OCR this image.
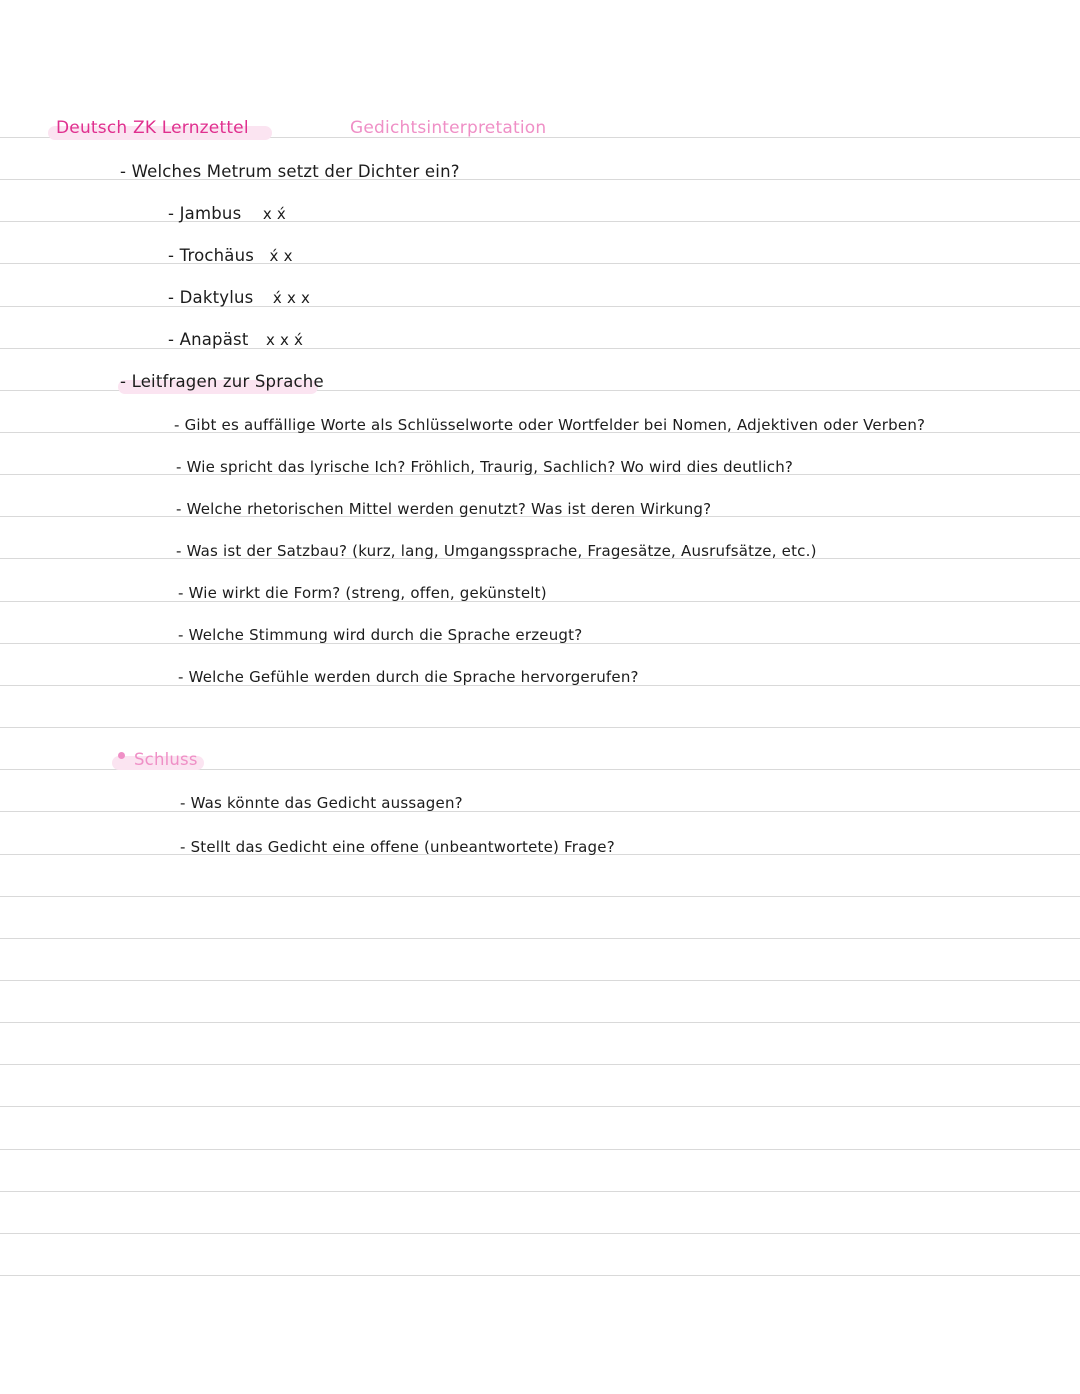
Deutsch ZK Lernzettel	Gedichtsinterpretation
- Welches Metrum setzt der Dichter ein?
- Jambus x x́
- Trochäus x́ x
- Daktylus x́ x x
- Anapäst x x x́
- Leitfragen zur Sprache
- Gibt es auffällige Worte als Schlüsselworte oder Wortfelder bei Nomen, Adjektiven oder Verben?
- Wie spricht das lyrische Ich? Fröhlich, Traurig, Sachlich? Wo wird dies deutlich?
- Welche rhetorischen Mittel werden genutzt? Was ist deren Wirkung?
- Was ist der Satzbau? (kurz, lang, Umgangssprache, Fragesätze, Ausrufsätze, etc.)
- Wie wirkt die Form? (streng, offen, gekünstelt)
- Welche Stimmung wird durch die Sprache erzeugt?
- Welche Gefühle werden durch die Sprache hervorgerufen?
Schluss
- Was könnte das Gedicht aussagen?
- Stellt das Gedicht eine offene (unbeantwortete) Frage?
